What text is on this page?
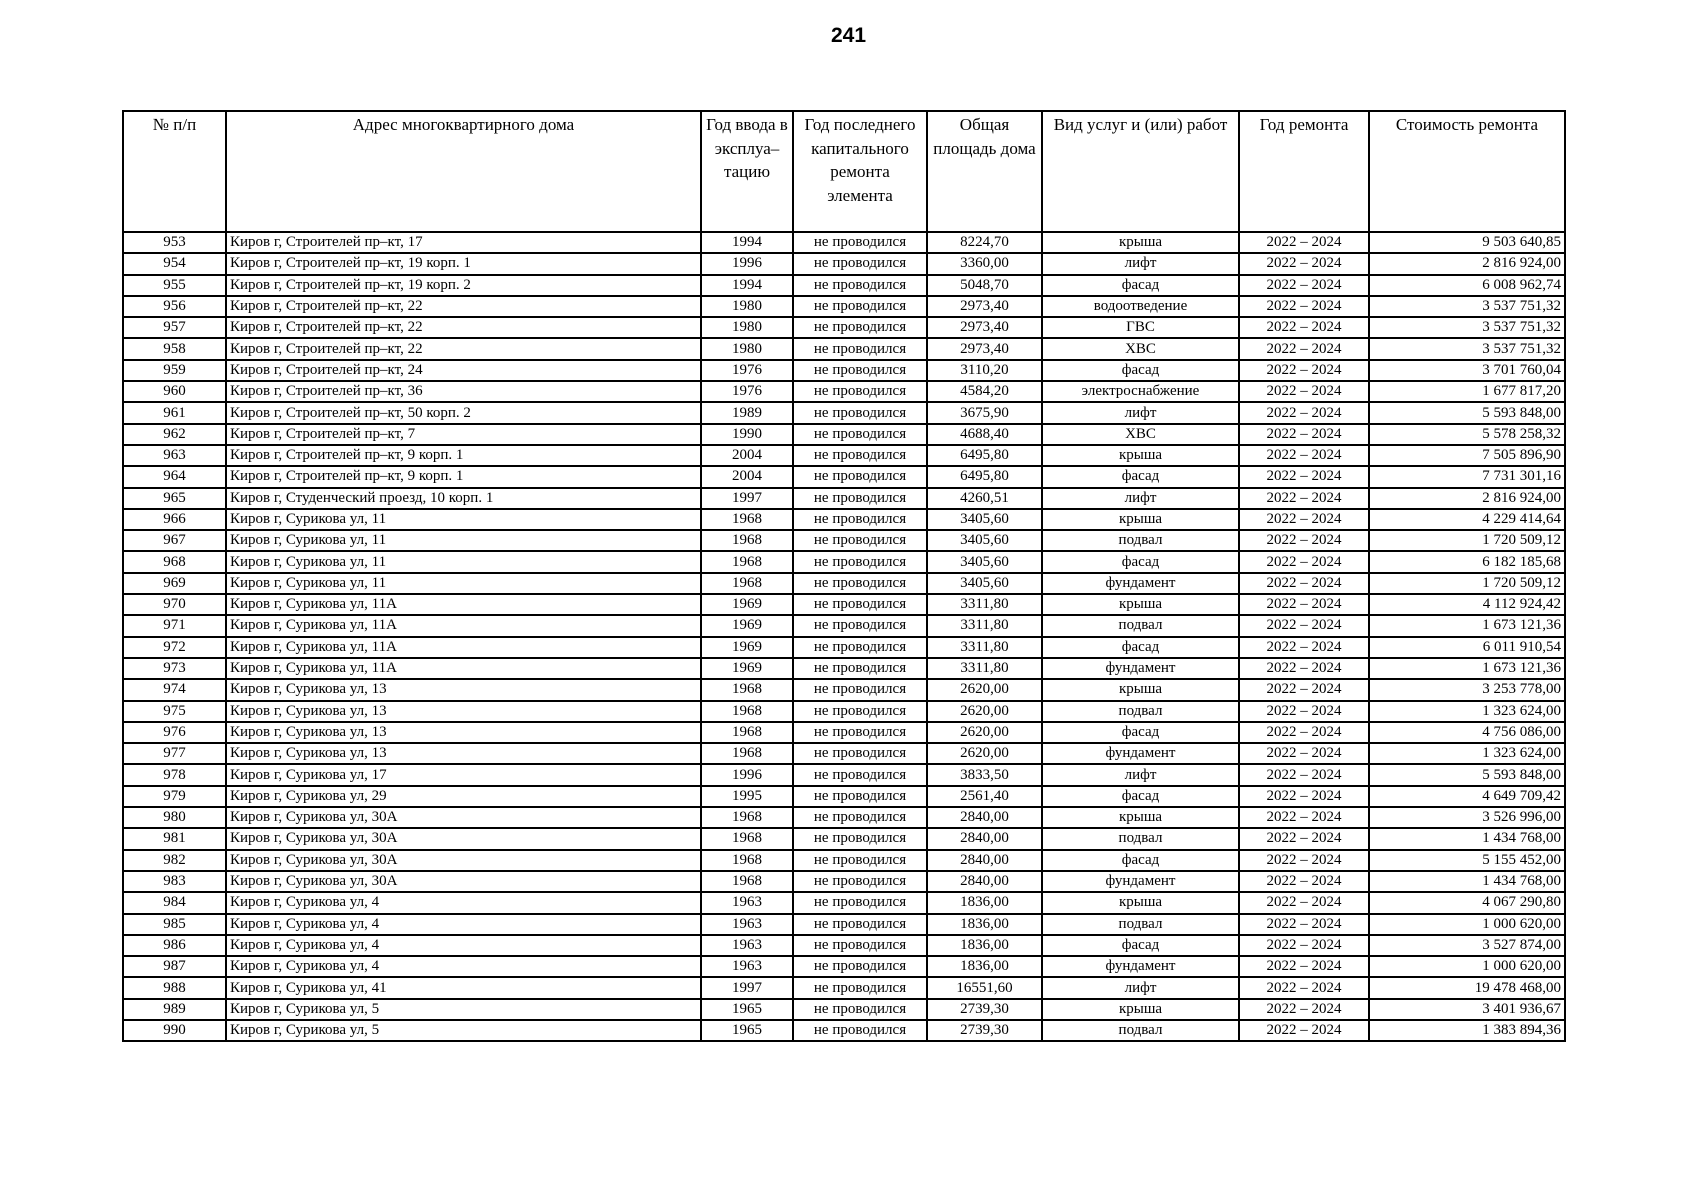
241
№ п/п	Адрес многоквартирного дома	Год ввода в эксплуа– тацию	Год последнего капитального ремонта элемента	Общая площадь дома	Вид услуг и (или) работ	Год ремонта	Стоимость ремонта
953	Киров г, Строителей пр–кт, 17	1994	не проводился	8224,70	крыша	2022 – 2024	9 503 640,85
954	Киров г, Строителей пр–кт, 19 корп. 1	1996	не проводился	3360,00	лифт	2022 – 2024	2 816 924,00
955	Киров г, Строителей пр–кт, 19 корп. 2	1994	не проводился	5048,70	фасад	2022 – 2024	6 008 962,74
956	Киров г, Строителей пр–кт, 22	1980	не проводился	2973,40	водоотведение	2022 – 2024	3 537 751,32
957	Киров г, Строителей пр–кт, 22	1980	не проводился	2973,40	ГВС	2022 – 2024	3 537 751,32
958	Киров г, Строителей пр–кт, 22	1980	не проводился	2973,40	ХВС	2022 – 2024	3 537 751,32
959	Киров г, Строителей пр–кт, 24	1976	не проводился	3110,20	фасад	2022 – 2024	3 701 760,04
960	Киров г, Строителей пр–кт, 36	1976	не проводился	4584,20	электроснабжение	2022 – 2024	1 677 817,20
961	Киров г, Строителей пр–кт, 50 корп. 2	1989	не проводился	3675,90	лифт	2022 – 2024	5 593 848,00
962	Киров г, Строителей пр–кт, 7	1990	не проводился	4688,40	ХВС	2022 – 2024	5 578 258,32
963	Киров г, Строителей пр–кт, 9 корп. 1	2004	не проводился	6495,80	крыша	2022 – 2024	7 505 896,90
964	Киров г, Строителей пр–кт, 9 корп. 1	2004	не проводился	6495,80	фасад	2022 – 2024	7 731 301,16
965	Киров г, Студенческий проезд, 10 корп. 1	1997	не проводился	4260,51	лифт	2022 – 2024	2 816 924,00
966	Киров г, Сурикова ул, 11	1968	не проводился	3405,60	крыша	2022 – 2024	4 229 414,64
967	Киров г, Сурикова ул, 11	1968	не проводился	3405,60	подвал	2022 – 2024	1 720 509,12
968	Киров г, Сурикова ул, 11	1968	не проводился	3405,60	фасад	2022 – 2024	6 182 185,68
969	Киров г, Сурикова ул, 11	1968	не проводился	3405,60	фундамент	2022 – 2024	1 720 509,12
970	Киров г, Сурикова ул, 11А	1969	не проводился	3311,80	крыша	2022 – 2024	4 112 924,42
971	Киров г, Сурикова ул, 11А	1969	не проводился	3311,80	подвал	2022 – 2024	1 673 121,36
972	Киров г, Сурикова ул, 11А	1969	не проводился	3311,80	фасад	2022 – 2024	6 011 910,54
973	Киров г, Сурикова ул, 11А	1969	не проводился	3311,80	фундамент	2022 – 2024	1 673 121,36
974	Киров г, Сурикова ул, 13	1968	не проводился	2620,00	крыша	2022 – 2024	3 253 778,00
975	Киров г, Сурикова ул, 13	1968	не проводился	2620,00	подвал	2022 – 2024	1 323 624,00
976	Киров г, Сурикова ул, 13	1968	не проводился	2620,00	фасад	2022 – 2024	4 756 086,00
977	Киров г, Сурикова ул, 13	1968	не проводился	2620,00	фундамент	2022 – 2024	1 323 624,00
978	Киров г, Сурикова ул, 17	1996	не проводился	3833,50	лифт	2022 – 2024	5 593 848,00
979	Киров г, Сурикова ул, 29	1995	не проводился	2561,40	фасад	2022 – 2024	4 649 709,42
980	Киров г, Сурикова ул, 30А	1968	не проводился	2840,00	крыша	2022 – 2024	3 526 996,00
981	Киров г, Сурикова ул, 30А	1968	не проводился	2840,00	подвал	2022 – 2024	1 434 768,00
982	Киров г, Сурикова ул, 30А	1968	не проводился	2840,00	фасад	2022 – 2024	5 155 452,00
983	Киров г, Сурикова ул, 30А	1968	не проводился	2840,00	фундамент	2022 – 2024	1 434 768,00
984	Киров г, Сурикова ул, 4	1963	не проводился	1836,00	крыша	2022 – 2024	4 067 290,80
985	Киров г, Сурикова ул, 4	1963	не проводился	1836,00	подвал	2022 – 2024	1 000 620,00
986	Киров г, Сурикова ул, 4	1963	не проводился	1836,00	фасад	2022 – 2024	3 527 874,00
987	Киров г, Сурикова ул, 4	1963	не проводился	1836,00	фундамент	2022 – 2024	1 000 620,00
988	Киров г, Сурикова ул, 41	1997	не проводился	16551,60	лифт	2022 – 2024	19 478 468,00
989	Киров г, Сурикова ул, 5	1965	не проводился	2739,30	крыша	2022 – 2024	3 401 936,67
990	Киров г, Сурикова ул, 5	1965	не проводился	2739,30	подвал	2022 – 2024	1 383 894,36
